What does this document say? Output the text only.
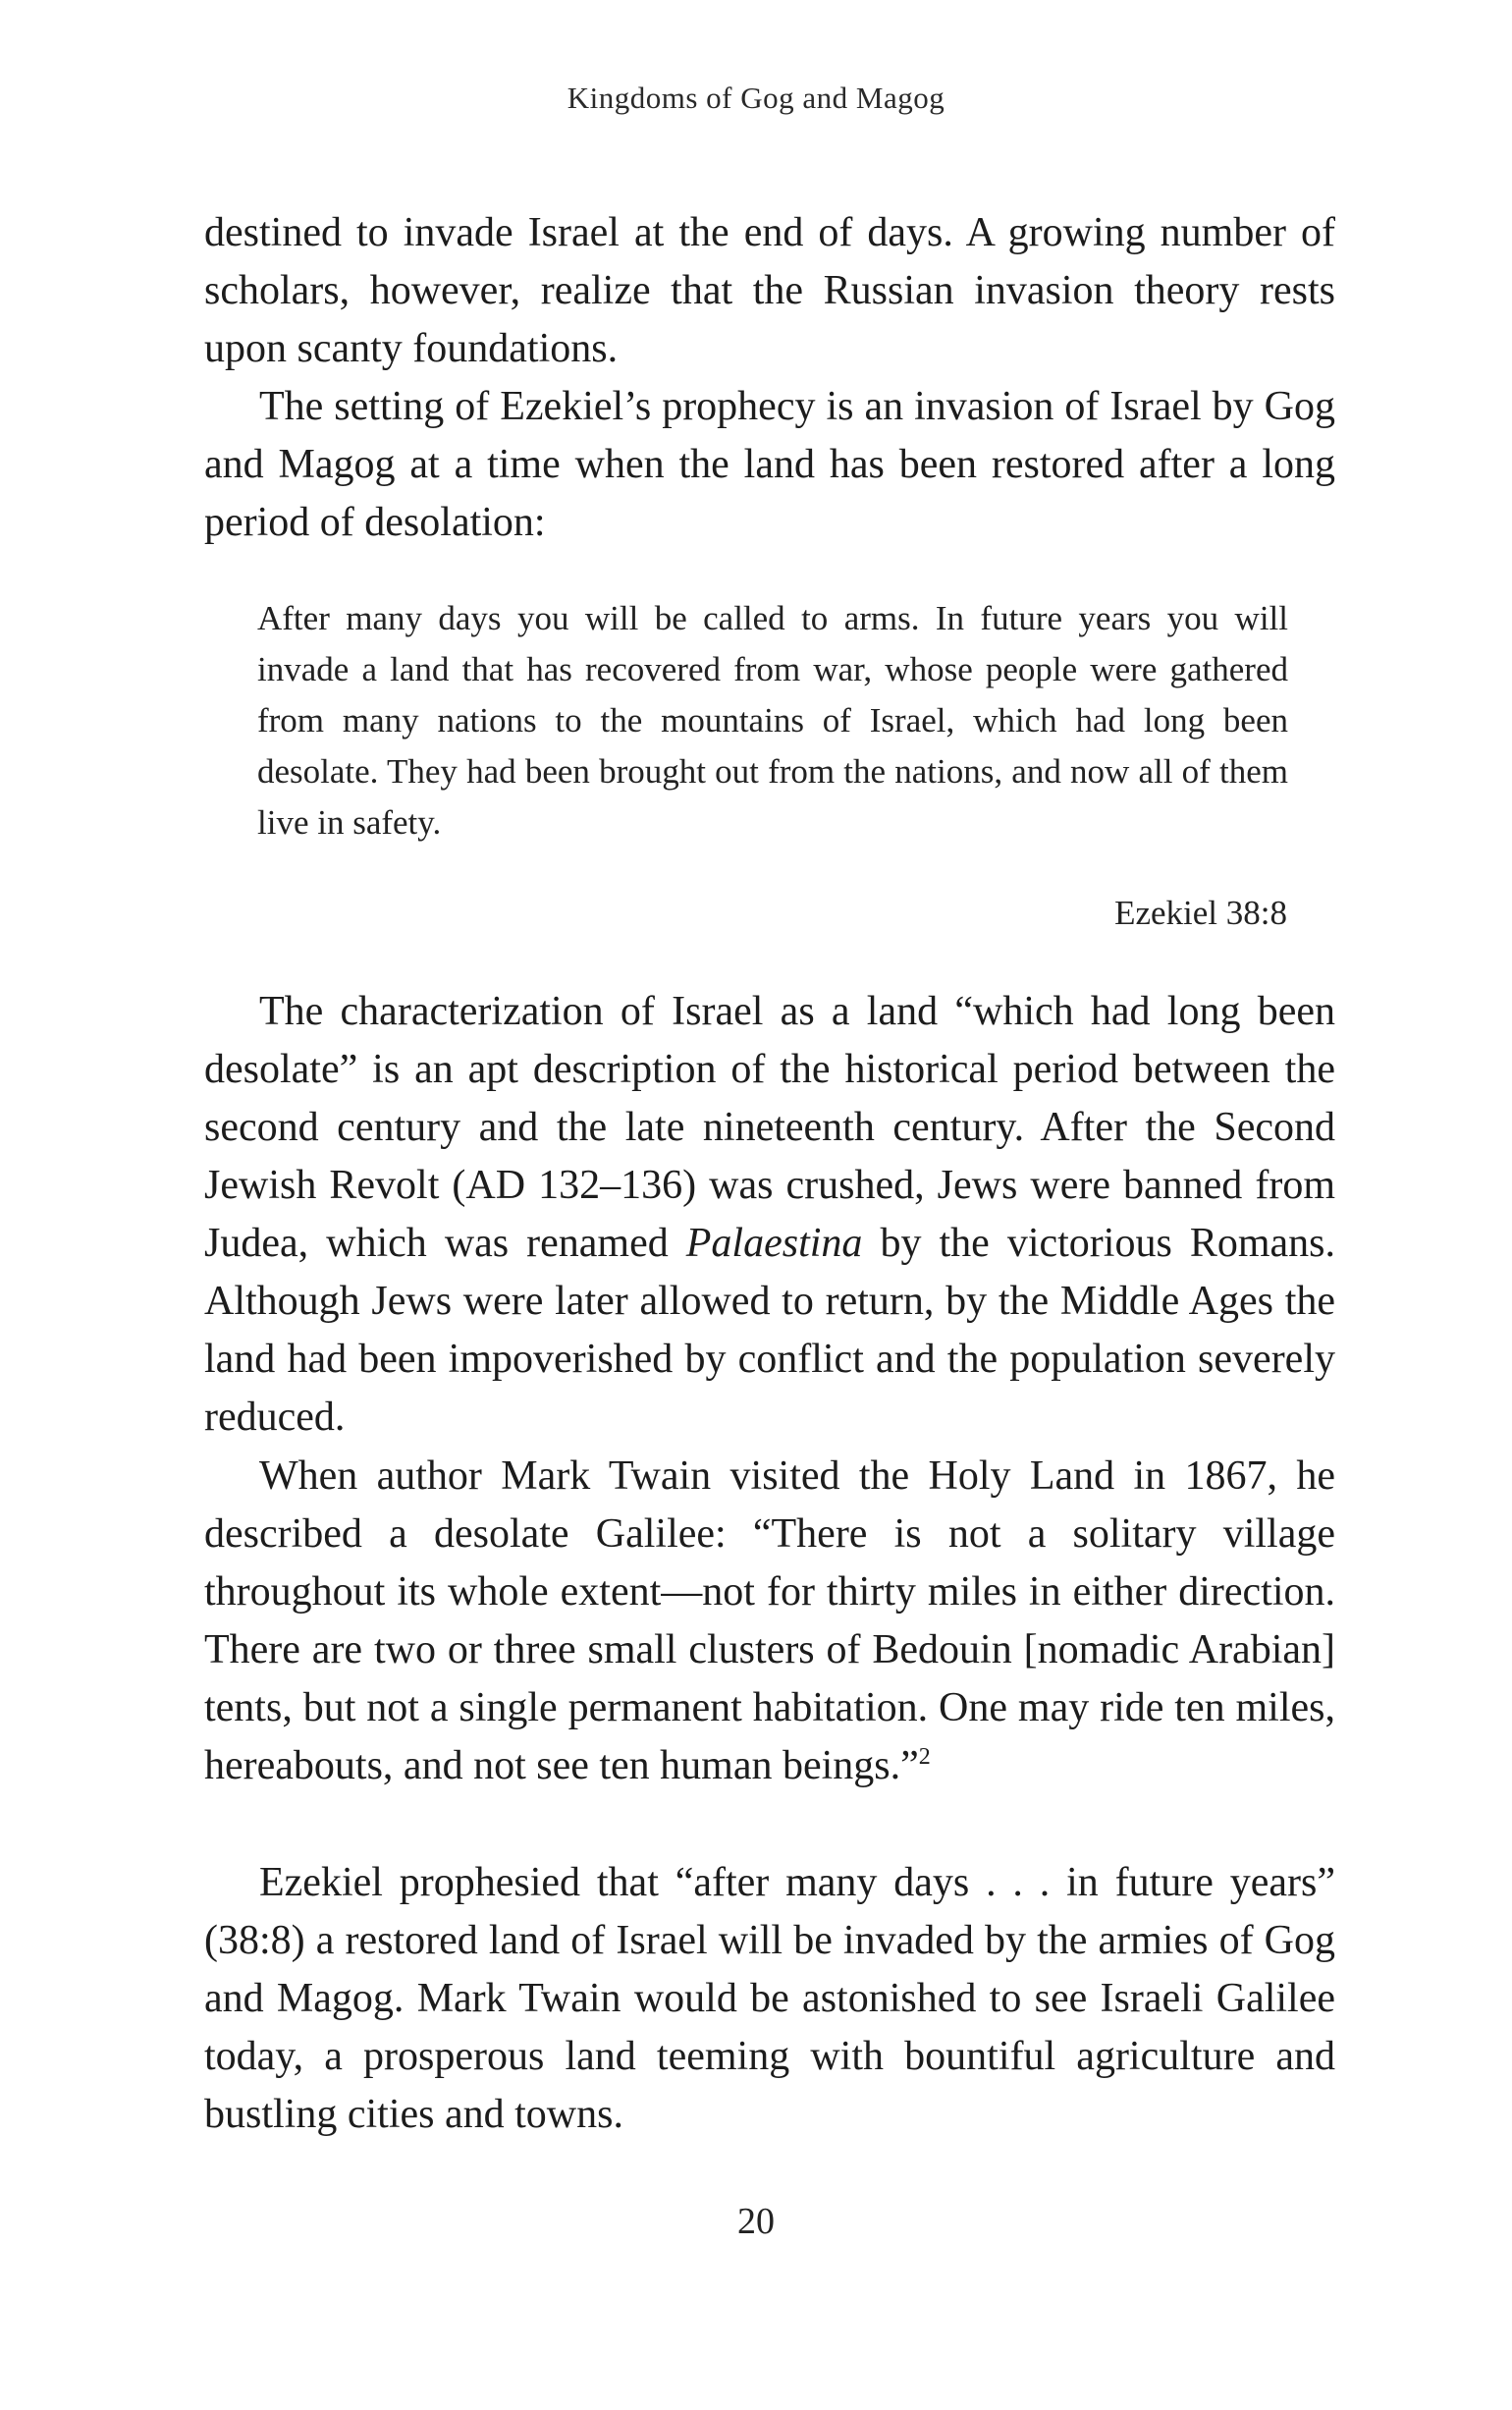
Kingdoms of Gog and Magog

destined to invade Israel at the end of days. A growing number of scholars, however, realize that the Russian invasion theory rests upon scanty foundations.

The setting of Ezekiel’s prophecy is an invasion of Israel by Gog and Magog at a time when the land has been restored after a long period of desolation:

After many days you will be called to arms. In future years you will invade a land that has recovered from war, whose people were gathered from many nations to the mountains of Israel, which had long been desolate. They had been brought out from the nations, and now all of them live in safety.

Ezekiel 38:8

The characterization of Israel as a land “which had long been desolate” is an apt description of the historical period between the second century and the late nineteenth century. After the Second Jewish Revolt (AD 132–136) was crushed, Jews were banned from Judea, which was renamed Palaestina by the victorious Romans. Although Jews were later allowed to return, by the Middle Ages the land had been impoverished by conflict and the population severely reduced.

When author Mark Twain visited the Holy Land in 1867, he described a desolate Galilee: “There is not a solitary village throughout its whole extent—not for thirty miles in either direction. There are two or three small clusters of Bedouin [nomadic Arabian] tents, but not a single permanent habitation. One may ride ten miles, hereabouts, and not see ten human beings.”$^2$

Ezekiel prophesied that “after many days . . . in future years” (38:8) a restored land of Israel will be invaded by the armies of Gog and Magog. Mark Twain would be astonished to see Israeli Galilee today, a prosperous land teeming with bountiful agriculture and bustling cities and towns.

20
